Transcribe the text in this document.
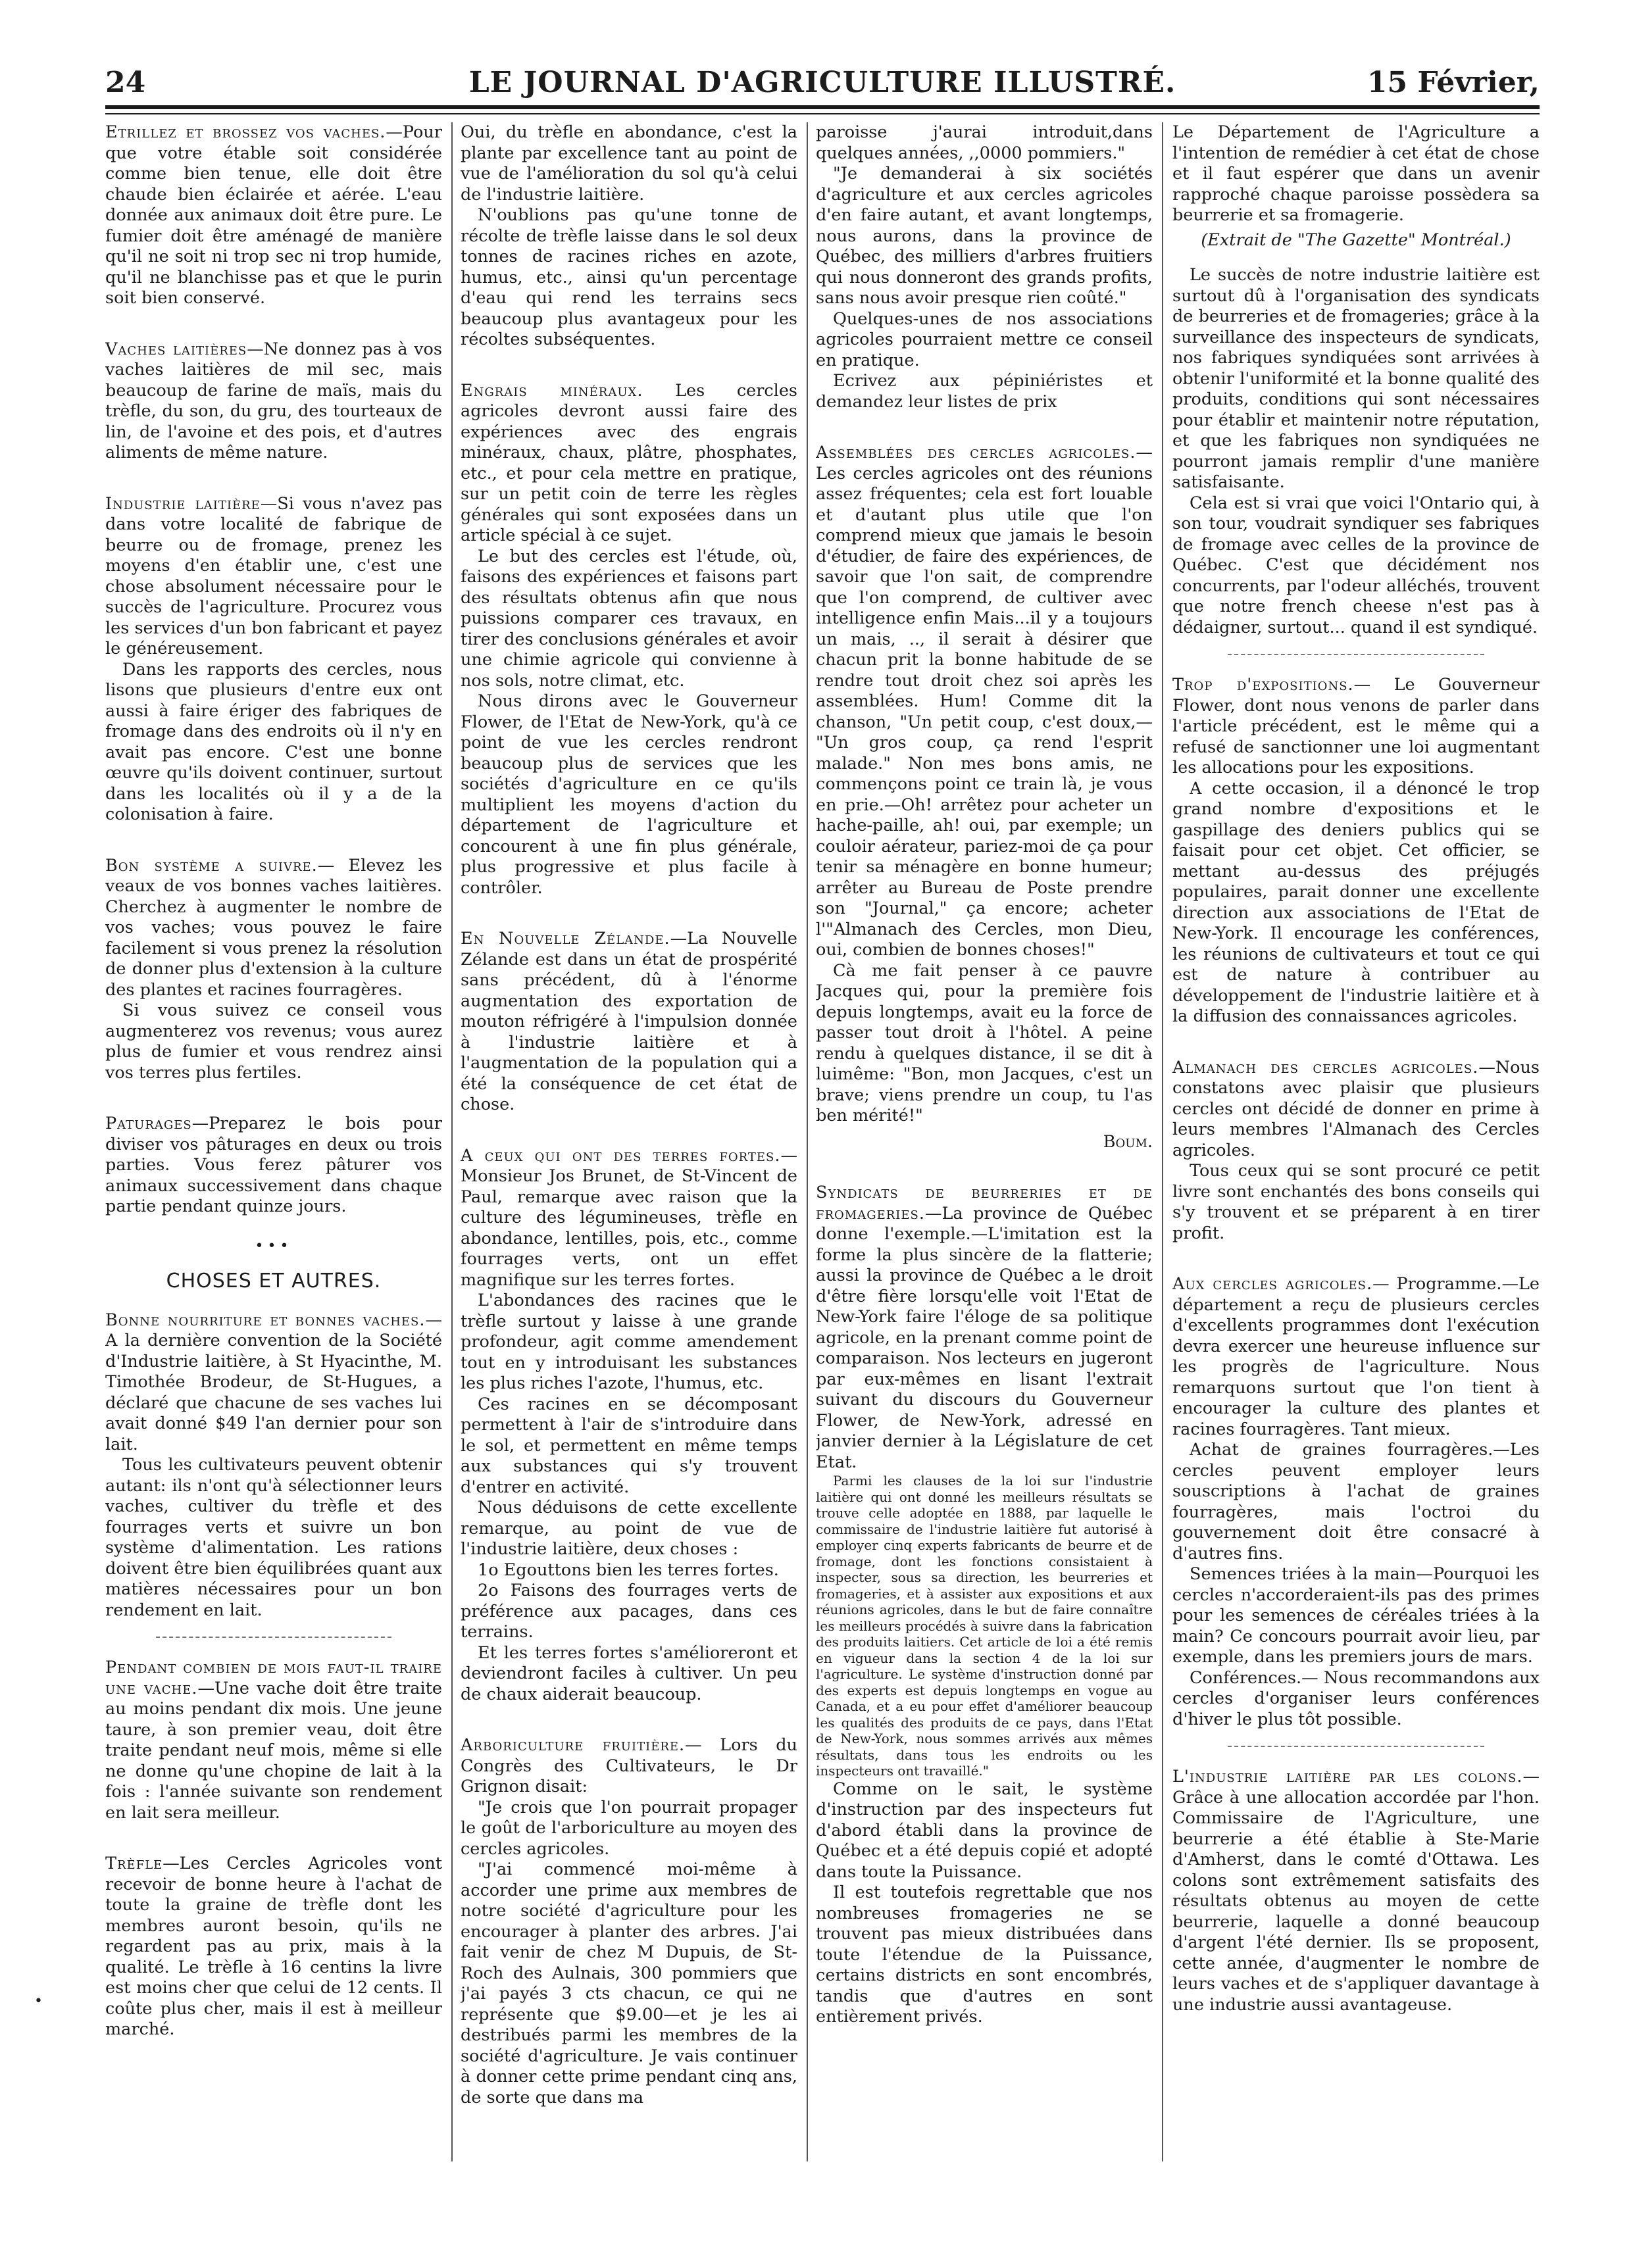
LE JOURNAL D'AGRICULTURE ILLUSTRÉ.
24	15 Février,
•

Etrillez et brossez vos vaches.—Pour que votre étable soit considérée comme bien tenue, elle doit être chaude bien éclairée et aérée. L'eau donnée aux animaux doit être pure. Le fumier doit être aménagé de manière qu'il ne soit ni trop sec ni trop humide, qu'il ne blanchisse pas et que le purin soit bien conservé.

Vaches laitières—Ne donnez pas à vos vaches laitières de mil sec, mais beaucoup de farine de maïs, mais du trèfle, du son, du gru, des tourteaux de lin, de l'avoine et des pois, et d'autres aliments de même nature.

Industrie laitière—Si vous n'avez pas dans votre localité de fabrique de beurre ou de fromage, prenez les moyens d'en établir une, c'est une chose absolument nécessaire pour le succès de l'agriculture. Procurez vous les services d'un bon fabricant et payez le généreusement.

Dans les rapports des cercles, nous lisons que plusieurs d'entre eux ont aussi à faire ériger des fabriques de fromage dans des endroits où il n'y en avait pas encore. C'est une bonne œuvre qu'ils doivent continuer, surtout dans les localités où il y a de la colonisation à faire.

Bon système a suivre.— Elevez les veaux de vos bonnes vaches laitières. Cherchez à augmenter le nombre de vos vaches; vous pouvez le faire facilement si vous prenez la résolution de donner plus d'extension à la culture des plantes et racines fourragères.

Si vous suivez ce conseil vous augmenterez vos revenus; vous aurez plus de fumier et vous rendrez ainsi vos terres plus fertiles.

Paturages—Preparez le bois pour diviser vos pâturages en deux ou trois parties. Vous ferez pâturer vos animaux successivement dans chaque partie pendant quinze jours.

•••
CHOSES ET AUTRES.

Bonne nourriture et bonnes vaches.—A la dernière convention de la Société d'Industrie laitière, à St Hyacinthe, M. Timothée Brodeur, de St-Hugues, a déclaré que chacune de ses vaches lui avait donné $49 l'an dernier pour son lait.

Tous les cultivateurs peuvent obtenir autant: ils n'ont qu'à sélectionner leurs vaches, cultiver du trèfle et des fourrages verts et suivre un bon système d'alimentation. Les rations doivent être bien équilibrées quant aux matières nécessaires pour un bon rendement en lait.

Pendant combien de mois faut-il traire une vache.—Une vache doit être traite au moins pendant dix mois. Une jeune taure, à son premier veau, doit être traite pendant neuf mois, même si elle ne donne qu'une chopine de lait à la fois : l'année suivante son rendement en lait sera meilleur.

Trèfle—Les Cercles Agricoles vont recevoir de bonne heure à l'achat de toute la graine de trèfle dont les membres auront besoin, qu'ils ne regardent pas au prix, mais à la qualité. Le trèfle à 16 centins la livre est moins cher que celui de 12 cents. Il coûte plus cher, mais il est à meilleur marché.

Oui, du trèfle en abondance, c'est la plante par excellence tant au point de vue de l'amélioration du sol qu'à celui de l'industrie laitière.

N'oublions pas qu'une tonne de récolte de trèfle laisse dans le sol deux tonnes de racines riches en azote, humus, etc., ainsi qu'un percentage d'eau qui rend les terrains secs beaucoup plus avantageux pour les récoltes subséquentes.

Engrais minéraux. Les cercles agricoles devront aussi faire des expériences avec des engrais minéraux, chaux, plâtre, phosphates, etc., et pour cela mettre en pratique, sur un petit coin de terre les règles générales qui sont exposées dans un article spécial à ce sujet.

Le but des cercles est l'étude, où, faisons des expériences et faisons part des résultats obtenus afin que nous puissions comparer ces travaux, en tirer des conclusions générales et avoir une chimie agricole qui convienne à nos sols, notre climat, etc.

Nous dirons avec le Gouverneur Flower, de l'Etat de New-York, qu'à ce point de vue les cercles rendront beaucoup plus de services que les sociétés d'agriculture en ce qu'ils multiplient les moyens d'action du département de l'agriculture et concourent à une fin plus générale, plus progressive et plus facile à contrôler.

En Nouvelle Zélande.—La Nouvelle Zélande est dans un état de prospérité sans précédent, dû à l'énorme augmentation des exportation de mouton réfrigéré à l'impulsion donnée à l'industrie laitière et à l'augmentation de la population qui a été la conséquence de cet état de chose.

A ceux qui ont des terres fortes.—Monsieur Jos Brunet, de St-Vincent de Paul, remarque avec raison que la culture des légumineuses, trèfle en abondance, lentilles, pois, etc., comme fourrages verts, ont un effet magnifique sur les terres fortes.

L'abondances des racines que le trèfle surtout y laisse à une grande profondeur, agit comme amendement tout en y introduisant les substances les plus riches l'azote, l'humus, etc.

Ces racines en se décomposant permettent à l'air de s'introduire dans le sol, et permettent en même temps aux substances qui s'y trouvent d'entrer en activité.

Nous déduisons de cette excellente remarque, au point de vue de l'industrie laitière, deux choses :

1o Egouttons bien les terres fortes.

2o Faisons des fourrages verts de préférence aux pacages, dans ces terrains.

Et les terres fortes s'amélioreront et deviendront faciles à cultiver. Un peu de chaux aiderait beaucoup.

Arboriculture fruitière.— Lors du Congrès des Cultivateurs, le Dr Grignon disait:

"Je crois que l'on pourrait propager le goût de l'arboriculture au moyen des cercles agricoles.

"J'ai commencé moi-même à accorder une prime aux membres de notre société d'agriculture pour les encourager à planter des arbres. J'ai fait venir de chez M Dupuis, de St-Roch des Aulnais, 300 pommiers que j'ai payés 3 cts chacun, ce qui ne représente que $9.00—et je les ai destribués parmi les membres de la société d'agriculture. Je vais continuer à donner cette prime pendant cinq ans, de sorte que dans ma

paroisse j'aurai introduit,dans quelques années, ,,0000 pommiers."

"Je demanderai à six sociétés d'agriculture et aux cercles agricoles d'en faire autant, et avant longtemps, nous aurons, dans la province de Québec, des milliers d'arbres fruitiers qui nous donneront des grands profits, sans nous avoir presque rien coûté."

Quelques-unes de nos associations agricoles pourraient mettre ce conseil en pratique.

Ecrivez aux pépiniéristes et demandez leur listes de prix

Assemblées des cercles agricoles.—Les cercles agricoles ont des réunions assez fréquentes; cela est fort louable et d'autant plus utile que l'on comprend mieux que jamais le besoin d'étudier, de faire des expériences, de savoir que l'on sait, de comprendre que l'on comprend, de cultiver avec intelligence enfin Mais...il y a toujours un mais, .., il serait à désirer que chacun prit la bonne habitude de se rendre tout droit chez soi après les assemblées. Hum! Comme dit la chanson, "Un petit coup, c'est doux,— "Un gros coup, ça rend l'esprit malade." Non mes bons amis, ne commençons point ce train là, je vous en prie.—Oh! arrêtez pour acheter un hache-paille, ah! oui, par exemple; un couloir aérateur, pariez-moi de ça pour tenir sa ménagère en bonne humeur; arrêter au Bureau de Poste prendre son "Journal," ça encore; acheter l'"Almanach des Cercles, mon Dieu, oui, combien de bonnes choses!"

Cà me fait penser à ce pauvre Jacques qui, pour la première fois depuis longtemps, avait eu la force de passer tout droit à l'hôtel. A peine rendu à quelques distance, il se dit à luimême: "Bon, mon Jacques, c'est un brave; viens prendre un coup, tu l'as ben mérité!"

Boum.

Syndicats de beurreries et de fromageries.—La province de Québec donne l'exemple.—L'imitation est la forme la plus sincère de la flatterie; aussi la province de Québec a le droit d'être fière lorsqu'elle voit l'Etat de New-York faire l'éloge de sa politique agricole, en la prenant comme point de comparaison. Nos lecteurs en jugeront par eux-mêmes en lisant l'extrait suivant du discours du Gouverneur Flower, de New-York, adressé en janvier dernier à la Législature de cet Etat.

Parmi les clauses de la loi sur l'industrie laitière qui ont donné les meilleurs résultats se trouve celle adoptée en 1888, par laquelle le commissaire de l'industrie laitière fut autorisé à employer cinq experts fabricants de beurre et de fromage, dont les fonctions consistaient à inspecter, sous sa direction, les beurreries et fromageries, et à assister aux expositions et aux réunions agricoles, dans le but de faire connaître les meilleurs procédés à suivre dans la fabrication des produits laitiers. Cet article de loi a été remis en vigueur dans la section 4 de la loi sur l'agriculture. Le système d'instruction donné par des experts est depuis longtemps en vogue au Canada, et a eu pour effet d'améliorer beaucoup les qualités des produits de ce pays, dans l'Etat de New-York, nous sommes arrivés aux mêmes résultats, dans tous les endroits ou les inspecteurs ont travaillé."

Comme on le sait, le système d'instruction par des inspecteurs fut d'abord établi dans la province de Québec et a été depuis copié et adopté dans toute la Puissance.

Il est toutefois regrettable que nos nombreuses fromageries ne se trouvent pas mieux distribuées dans toute l'étendue de la Puissance, certains districts en sont encombrés, tandis que d'autres en sont entièrement privés.

Le Département de l'Agriculture a l'intention de remédier à cet état de chose et il faut espérer que dans un avenir rapproché chaque paroisse possèdera sa beurrerie et sa fromagerie.

(Extrait de "The Gazette" Montréal.)

Le succès de notre industrie laitière est surtout dû à l'organisation des syndicats de beurreries et de fromageries; grâce à la surveillance des inspecteurs de syndicats, nos fabriques syndiquées sont arrivées à obtenir l'uniformité et la bonne qualité des produits, conditions qui sont nécessaires pour établir et maintenir notre réputation, et que les fabriques non syndiquées ne pourront jamais remplir d'une manière satisfaisante.

Cela est si vrai que voici l'Ontario qui, à son tour, voudrait syndiquer ses fabriques de fromage avec celles de la province de Québec. C'est que décidément nos concurrents, par l'odeur alléchés, trouvent que notre french cheese n'est pas à dédaigner, surtout... quand il est syndiqué.

Trop d'expositions.— Le Gouverneur Flower, dont nous venons de parler dans l'article précédent, est le même qui a refusé de sanctionner une loi augmentant les allocations pour les expositions.

A cette occasion, il a dénoncé le trop grand nombre d'expositions et le gaspillage des deniers publics qui se faisait pour cet objet. Cet officier, se mettant au-dessus des préjugés populaires, parait donner une excellente direction aux associations de l'Etat de New-York. Il encourage les conférences, les réunions de cultivateurs et tout ce qui est de nature à contribuer au développement de l'industrie laitière et à la diffusion des connaissances agricoles.

Almanach des cercles agricoles.—Nous constatons avec plaisir que plusieurs cercles ont décidé de donner en prime à leurs membres l'Almanach des Cercles agricoles.

Tous ceux qui se sont procuré ce petit livre sont enchantés des bons conseils qui s'y trouvent et se préparent à en tirer profit.

Aux cercles agricoles.— Programme.—Le département a reçu de plusieurs cercles d'excellents programmes dont l'exécution devra exercer une heureuse influence sur les progrès de l'agriculture. Nous remarquons surtout que l'on tient à encourager la culture des plantes et racines fourragères. Tant mieux.

Achat de graines fourragères.—Les cercles peuvent employer leurs souscriptions à l'achat de graines fourragères, mais l'octroi du gouvernement doit être consacré à d'autres fins.

Semences triées à la main—Pourquoi les cercles n'accorderaient-ils pas des primes pour les semences de céréales triées à la main? Ce concours pourrait avoir lieu, par exemple, dans les premiers jours de mars.

Conférences.— Nous recommandons aux cercles d'organiser leurs conférences d'hiver le plus tôt possible.

L'industrie laitière par les colons.—Grâce à une allocation accordée par l'hon. Commissaire de l'Agriculture, une beurrerie a été établie à Ste-Marie d'Amherst, dans le comté d'Ottawa. Les colons sont extrêmement satisfaits des résultats obtenus au moyen de cette beurrerie, laquelle a donné beaucoup d'argent l'été dernier. Ils se proposent, cette année, d'augmenter le nombre de leurs vaches et de s'appliquer davantage à une industrie aussi avantageuse.
